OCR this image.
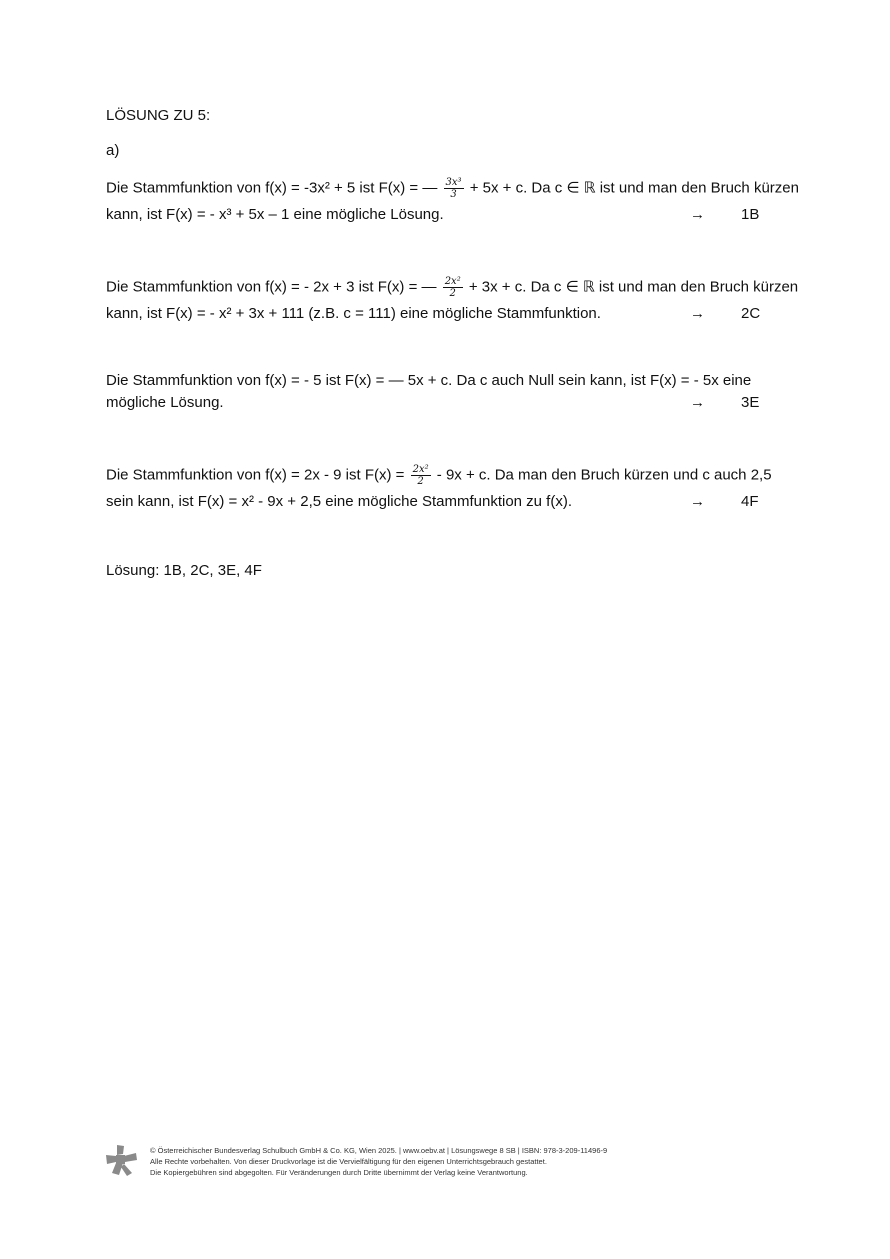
LÖSUNG ZU 5:
a)
Die Stammfunktion von f(x) = -3x² + 5 ist F(x) = — $\frac{\text{3x³}}{3} + 5x + c$. Da c ∈ ℝ ist und man den Bruch kürzen
kann, ist F(x) = - x³ + 5x – 1 eine mögliche Lösung.	→ 1B
Die Stammfunktion von f(x) = - 2x + 3 ist F(x) = — $\frac{\text{2x²}}{2} + 3x + c$. Da c ∈ ℝ ist und man den Bruch kürzen
kann, ist F(x) = - x² + 3x + 111 (z.B. c = 111) eine mögliche Stammfunktion.	→ 2C
Die Stammfunktion von f(x) = - 5 ist F(x) = — 5x + c. Da c auch Null sein kann, ist F(x) = - 5x eine
mögliche Lösung.	→ 3E
Die Stammfunktion von f(x) = 2x - 9 ist $F(x) = \frac{\text{2x²}}{2} - 9x + c$. Da man den Bruch kürzen und c auch 2,5
sein kann, ist F(x) = x² - 9x + 2,5 eine mögliche Stammfunktion zu f(x).	→ 4F
Lösung: 1B, 2C, 3E, 4F
© Österreichischer Bundesverlag Schulbuch GmbH & Co. KG, Wien 2025. | www.oebv.at | Lösungswege 8 SB | ISBN: 978-3-209-11496-9
Alle Rechte vorbehalten. Von dieser Druckvorlage ist die Vervielfältigung für den eigenen Unterrichtsgebrauch gestattet.
Die Kopiergebühren sind abgegolten. Für Veränderungen durch Dritte übernimmt der Verlag keine Verantwortung.
